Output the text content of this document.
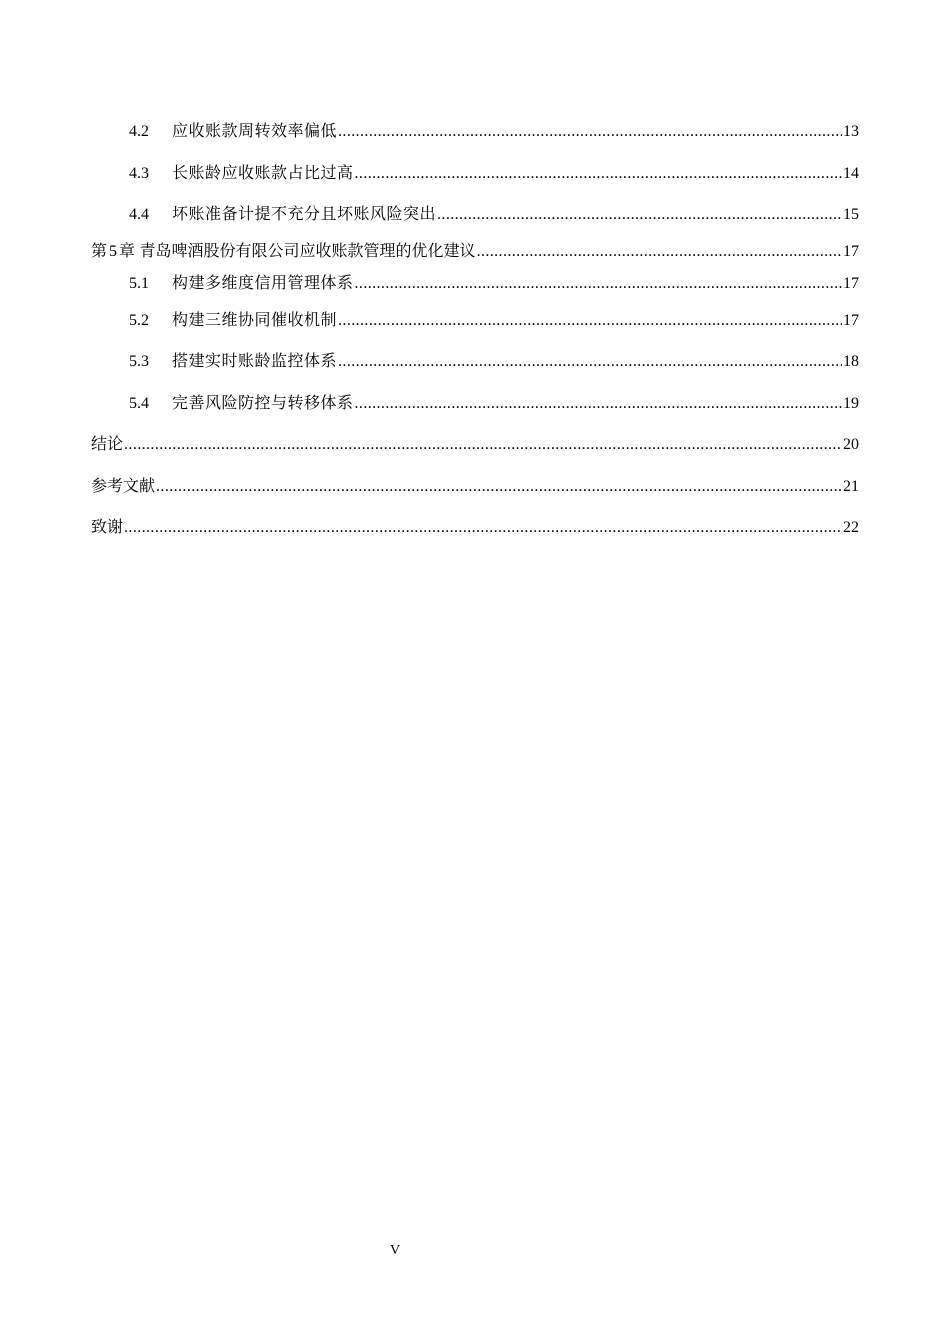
4.2	应收账款周转效率偏低 .....	13
4.3	长账龄应收账款占比过高 .....	14
4.4	坏账准备计提不充分且坏账风险突出 .....	15
第 5 章 青岛啤酒股份有限公司应收账款管理的优化建议 .....	17
5.1	构建多维度信用管理体系 .....	17
5.2	构建三维协同催收机制 .....	17
5.3	搭建实时账龄监控体系 .....	18
5.4	完善风险防控与转移体系 .....	19
结论 .....	20
参考文献 .....	21
致谢 .....	22
V
